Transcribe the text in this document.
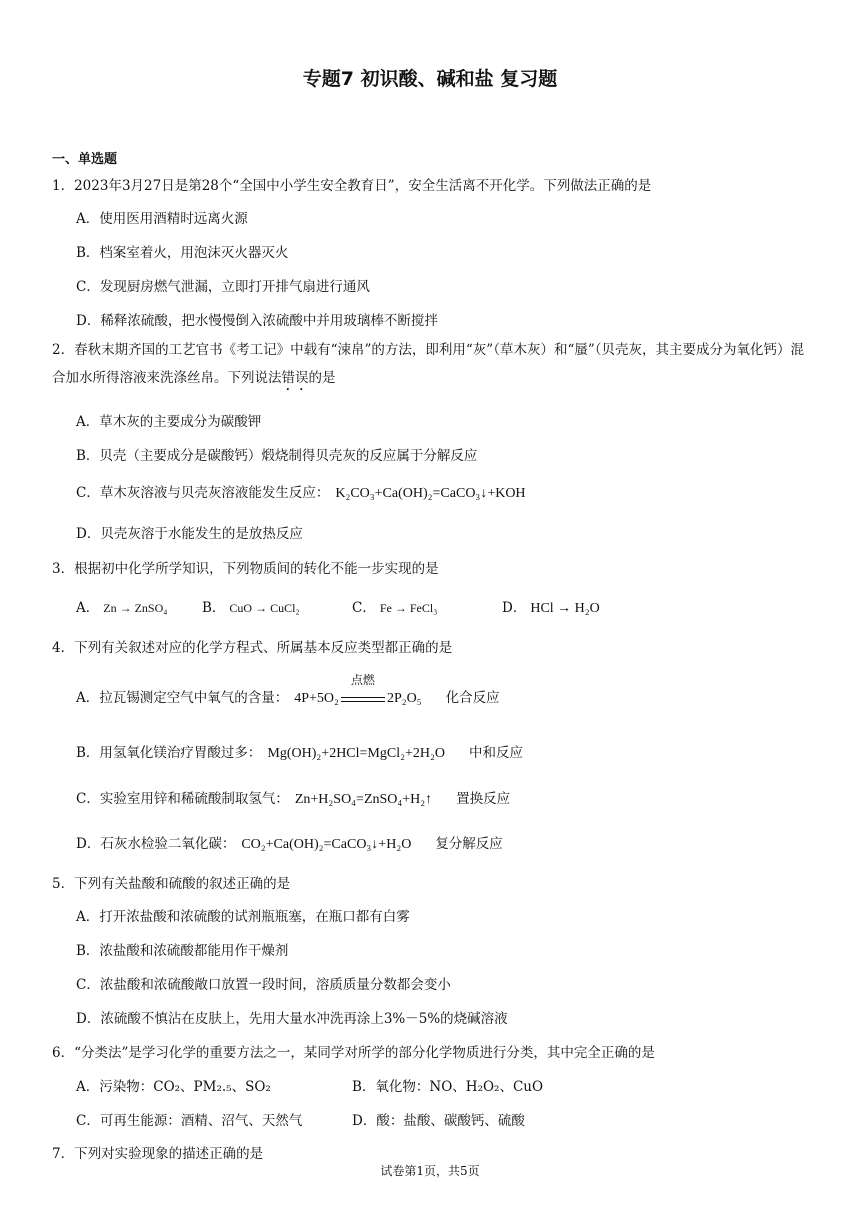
专题7 初识酸、碱和盐 复习题
一、单选题
1．2023年3月27日是第28个“全国中小学生安全教育日”，安全生活离不开化学。下列做法正确的是
A．使用医用酒精时远离火源
B．档案室着火，用泡沫灭火器灭火
C．发现厨房燃气泄漏，立即打开排气扇进行通风
D．稀释浓硫酸，把水慢慢倒入浓硫酸中并用玻璃棒不断搅拌
2．春秋末期齐国的工艺官书《考工记》中载有“涑帛”的方法，即利用“灰”（草木灰）和“蜃”（贝壳灰，其主要成分为氧化钙）混合加水所得溶液来洗涤丝帛。下列说法错误的是
A．草木灰的主要成分为碳酸钾
B．贝壳（主要成分是碳酸钙）煅烧制得贝壳灰的反应属于分解反应
C．草木灰溶液与贝壳灰溶液能发生反应： K₂CO₃+Ca(OH)₂=CaCO₃↓+KOH
D．贝壳灰溶于水能发生的是放热反应
3．根据初中化学所学知识，下列物质间的转化不能一步实现的是
A． Zn → ZnSO₄	B． CuO → CuCl₂	C． Fe → FeCl₃	D． HCl → H₂O
4．下列有关叙述对应的化学方程式、所属基本反应类型都正确的是
A．拉瓦锡测定空气中氧气的含量： 4P+5O₂
点燃
2P₂O₅ 化合反应
B．用氢氧化镁治疗胃酸过多： Mg(OH)₂+2HCl=MgCl₂+2H₂O 中和反应
C．实验室用锌和稀硫酸制取氢气： Zn+H₂SO₄=ZnSO₄+H₂↑ 置换反应
D．石灰水检验二氧化碳： CO₂+Ca(OH)₂=CaCO₃↓+H₂O 复分解反应
5．下列有关盐酸和硫酸的叙述正确的是
A．打开浓盐酸和浓硫酸的试剂瓶瓶塞，在瓶口都有白雾
B．浓盐酸和浓硫酸都能用作干燥剂
C．浓盐酸和浓硫酸敞口放置一段时间，溶质质量分数都会变小
D．浓硫酸不慎沾在皮肤上，先用大量水冲洗再涂上3%－5%的烧碱溶液
6．“分类法”是学习化学的重要方法之一，某同学对所学的部分化学物质进行分类，其中完全正确的是
A．污染物：CO₂、PM₂.₅、SO₂	B．氧化物：NO、H₂O₂、CuO
C．可再生能源：酒精、沼气、天然气	D．酸：盐酸、碳酸钙、硫酸
7．下列对实验现象的描述正确的是
试卷第1页，共5页
